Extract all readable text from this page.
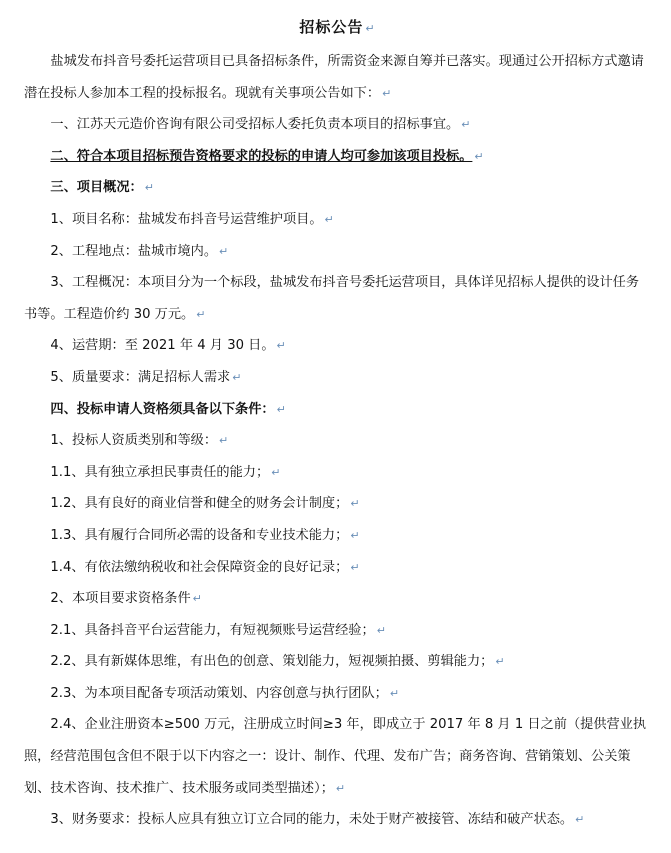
招标公告 ↵

盐城发布抖音号委托运营项目已具备招标条件，所需资金来源自筹并已落实。现通过公开招标方式邀请潜在投标人参加本工程的投标报名。现就有关事项公告如下： ↵

一、江苏天元造价咨询有限公司受招标人委托负责本项目的招标事宜。 ↵

二、符合本项目招标预告资格要求的投标的申请人均可参加该项目投标。 ↵

三、项目概况： ↵

1、项目名称：盐城发布抖音号运营维护项目。 ↵

2、工程地点：盐城市境内。 ↵

3、工程概况：本项目分为一个标段，盐城发布抖音号委托运营项目，具体详见招标人提供的设计任务书等。工程造价约 30 万元。 ↵

4、运营期：至 2021 年 4 月 30 日。 ↵

5、质量要求：满足招标人需求 ↵

四、投标申请人资格须具备以下条件： ↵

1、投标人资质类别和等级： ↵

1.1、具有独立承担民事责任的能力； ↵

1.2、具有良好的商业信誉和健全的财务会计制度； ↵

1.3、具有履行合同所必需的设备和专业技术能力； ↵

1.4、有依法缴纳税收和社会保障资金的良好记录； ↵

2、本项目要求资格条件 ↵

2.1、具备抖音平台运营能力，有短视频账号运营经验； ↵

2.2、具有新媒体思维，有出色的创意、策划能力，短视频拍摄、剪辑能力； ↵

2.3、为本项目配备专项活动策划、内容创意与执行团队； ↵

2.4、企业注册资本≥500 万元，注册成立时间≥3 年，即成立于 2017 年 8 月 1 日之前（提供营业执照，经营范围包含但不限于以下内容之一：设计、制作、代理、发布广告；商务咨询、营销策划、公关策划、技术咨询、技术推广、技术服务或同类型描述）； ↵

3、财务要求：投标人应具有独立订立合同的能力，未处于财产被接管、冻结和破产状态。 ↵
